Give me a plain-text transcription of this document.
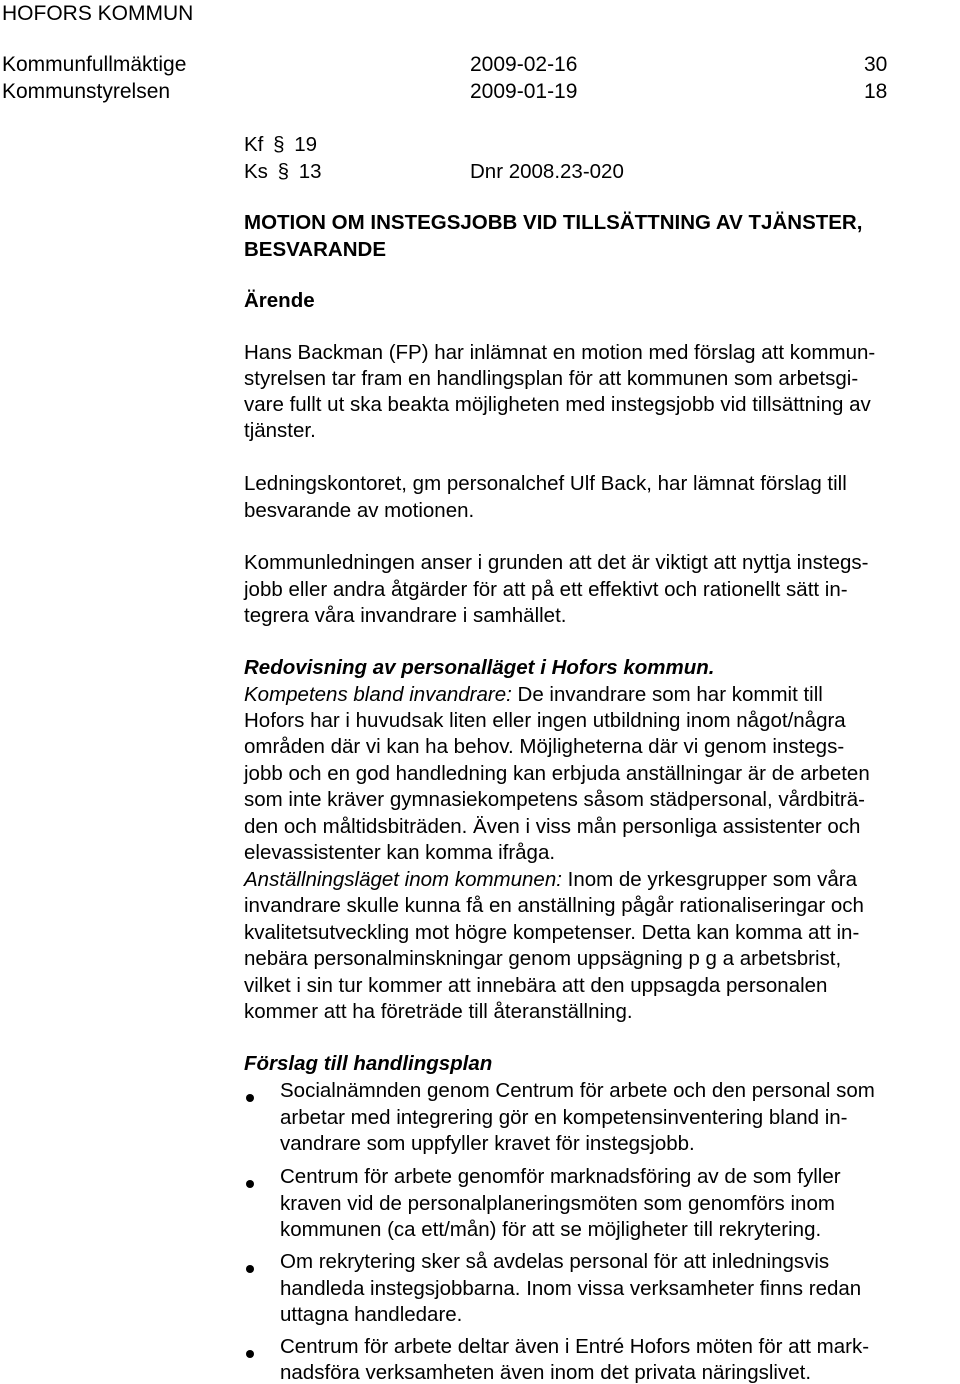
HOFORS KOMMUN
Kommunfullmäktige	2009-02-16	30
Kommunstyrelsen	2009-01-19	18
Kf § 19
Ks § 13	Dnr 2008.23-020
MOTION OM INSTEGSJOBB VID TILLSÄTTNING AV TJÄNSTER,
BESVARANDE
Ärende
Hans Backman (FP) har inlämnat en motion med förslag att kommun-
styrelsen tar fram en handlingsplan för att kommunen som arbetsgi-
vare fullt ut ska beakta möjligheten med instegsjobb vid tillsättning av
tjänster.
Ledningskontoret, gm personalchef Ulf Back, har lämnat förslag till
besvarande av motionen.
Kommunledningen anser i grunden att det är viktigt att nyttja instegs-
jobb eller andra åtgärder för att på ett effektivt och rationellt sätt in-
tegrera våra invandrare i samhället.
Redovisning av personalläget i Hofors kommun.
Kompetens bland invandrare: De invandrare som har kommit till
Hofors har i huvudsak liten eller ingen utbildning inom något/några
områden där vi kan ha behov. Möjligheterna där vi genom instegs-
jobb och en god handledning kan erbjuda anställningar är de arbeten
som inte kräver gymnasiekompetens såsom städpersonal, vårdbiträ-
den och måltidsbiträden. Även i viss mån personliga assistenter och
elevassistenter kan komma ifråga.
Anställningsläget inom kommunen: Inom de yrkesgrupper som våra
invandrare skulle kunna få en anställning pågår rationaliseringar och
kvalitetsutveckling mot högre kompetenser. Detta kan komma att in-
nebära personalminskningar genom uppsägning p g a arbetsbrist,
vilket i sin tur kommer att innebära att den uppsagda personalen
kommer att ha företräde till återanställning.
Förslag till handlingsplan
Socialnämnden genom Centrum för arbete och den personal som
arbetar med integrering gör en kompetensinventering bland in-
vandrare som uppfyller kravet för instegsjobb.
Centrum för arbete genomför marknadsföring av de som fyller
kraven vid de personalplaneringsmöten som genomförs inom
kommunen (ca ett/mån) för att se möjligheter till rekrytering.
Om rekrytering sker så avdelas personal för att inledningsvis
handleda instegsjobbarna. Inom vissa verksamheter finns redan
uttagna handledare.
Centrum för arbete deltar även i Entré Hofors möten för att mark-
nadsföra verksamheten även inom det privata näringslivet.
